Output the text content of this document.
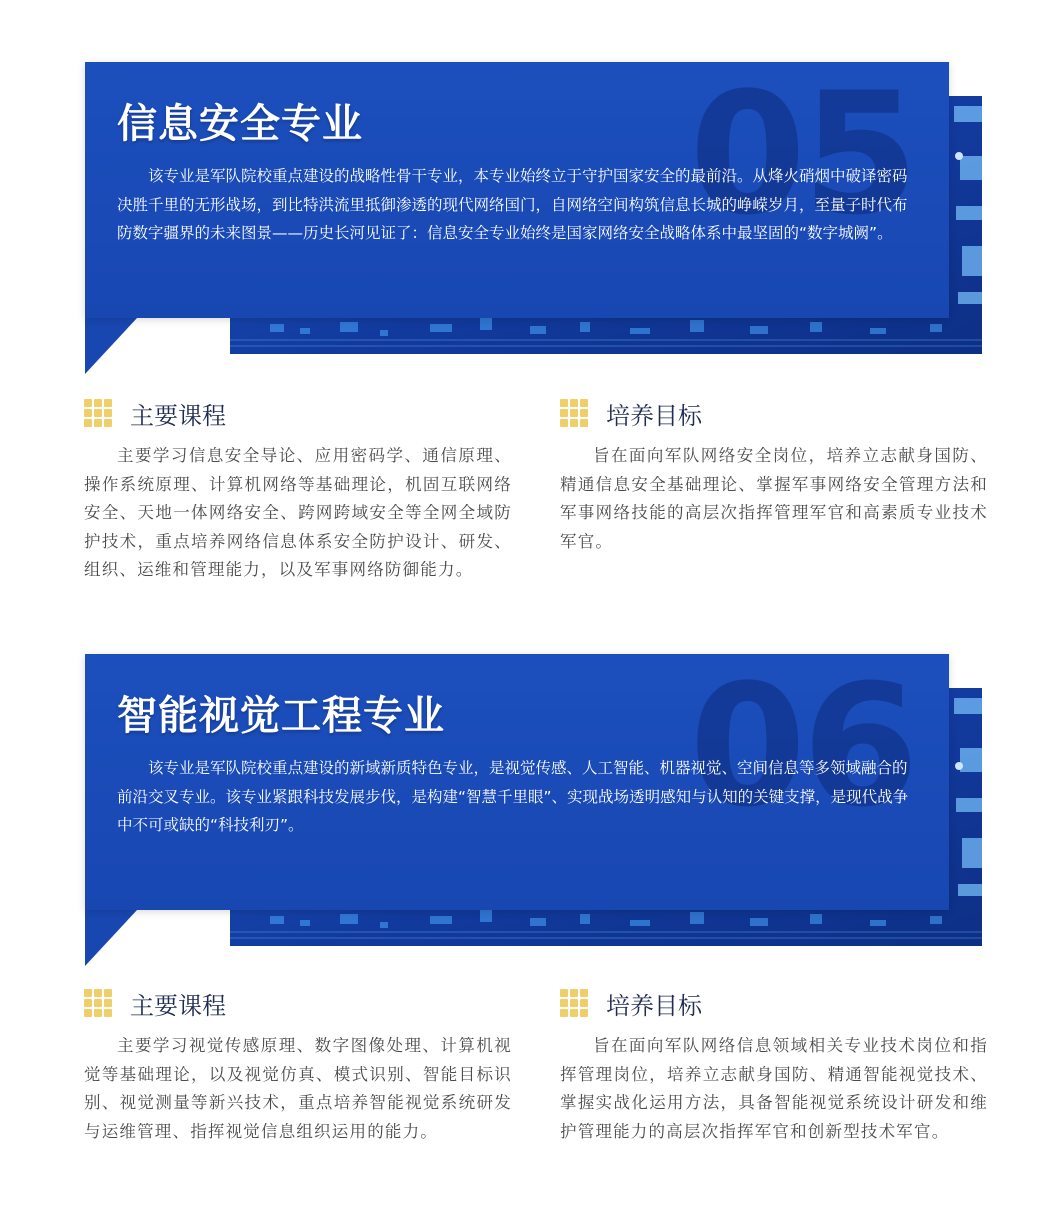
05
信息安全专业

该专业是军队院校重点建设的战略性骨干专业，本专业始终立于守护国家安全的最前沿。从烽火硝烟中破译密码决胜千里的无形战场，到比特洪流里抵御渗透的现代网络国门，自网络空间构筑信息长城的峥嵘岁月，至量子时代布防数字疆界的未来图景——历史长河见证了：信息安全专业始终是国家网络安全战略体系中最坚固的“数字城阙”。

主要课程

主要学习信息安全导论、应用密码学、通信原理、操作系统原理、计算机网络等基础理论，机固互联网络安全、天地一体网络安全、跨网跨域安全等全网全域防护技术，重点培养网络信息体系安全防护设计、研发、组织、运维和管理能力，以及军事网络防御能力。

培养目标

旨在面向军队网络安全岗位，培养立志献身国防、精通信息安全基础理论、掌握军事网络安全管理方法和军事网络技能的高层次指挥管理军官和高素质专业技术军官。

06
智能视觉工程专业

该专业是军队院校重点建设的新域新质特色专业，是视觉传感、人工智能、机器视觉、空间信息等多领域融合的前沿交叉专业。该专业紧跟科技发展步伐，是构建“智慧千里眼”、实现战场透明感知与认知的关键支撑，是现代战争中不可或缺的“科技利刃”。

主要课程

主要学习视觉传感原理、数字图像处理、计算机视觉等基础理论，以及视觉仿真、模式识别、智能目标识别、视觉测量等新兴技术，重点培养智能视觉系统研发与运维管理、指挥视觉信息组织运用的能力。

培养目标

旨在面向军队网络信息领域相关专业技术岗位和指挥管理岗位，培养立志献身国防、精通智能视觉技术、掌握实战化运用方法，具备智能视觉系统设计研发和维护管理能力的高层次指挥军官和创新型技术军官。
